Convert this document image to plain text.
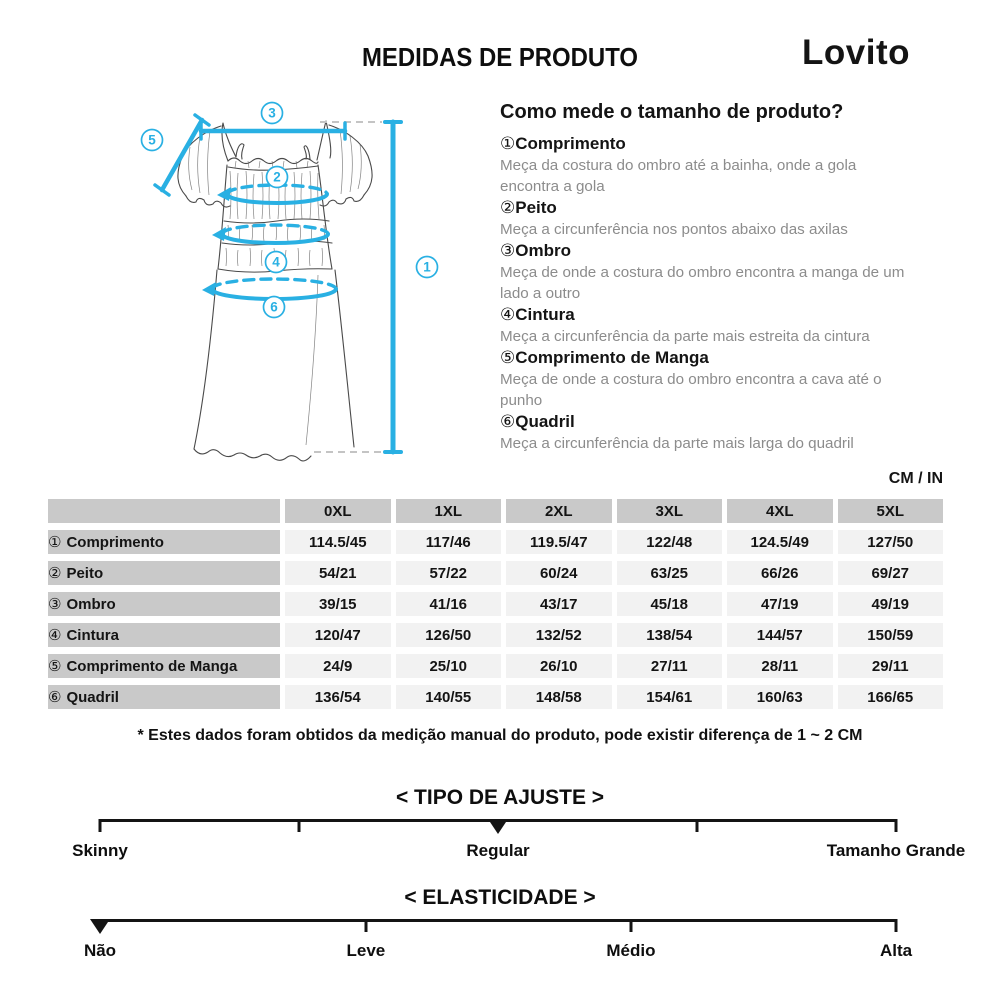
MEDIDAS DE PRODUTO	Lovito
1
2
3
4
5
6
Como mede o tamanho de produto?
①Comprimento
Meça da costura do ombro até a bainha, onde a gola
encontra a gola
②Peito
Meça a circunferência nos pontos abaixo das axilas
③Ombro
Meça de onde a costura do ombro encontra a manga de um
lado a outro
④Cintura
Meça a circunferência da parte mais estreita da cintura
⑤Comprimento de Manga
Meça de onde a costura do ombro encontra a cava até o
punho
⑥Quadril
Meça a circunferência da parte mais larga do quadril
CM / IN
	0XL	1XL	2XL	3XL	4XL	5XL
① Comprimento	114.5/45	117/46	119.5/47	122/48	124.5/49	127/50
② Peito	54/21	57/22	60/24	63/25	66/26	69/27
③ Ombro	39/15	41/16	43/17	45/18	47/19	49/19
④ Cintura	120/47	126/50	132/52	138/54	144/57	150/59
⑤ Comprimento de Manga	24/9	25/10	26/10	27/11	28/11	29/11
⑥ Quadril	136/54	140/55	148/58	154/61	160/63	166/65
* Estes dados foram obtidos da medição manual do produto, pode existir diferença de 1 ~ 2 CM
< TIPO DE AJUSTE >
Skinny	Regular	Tamanho Grande
< ELASTICIDADE >
Não	Leve	Médio	Alta
